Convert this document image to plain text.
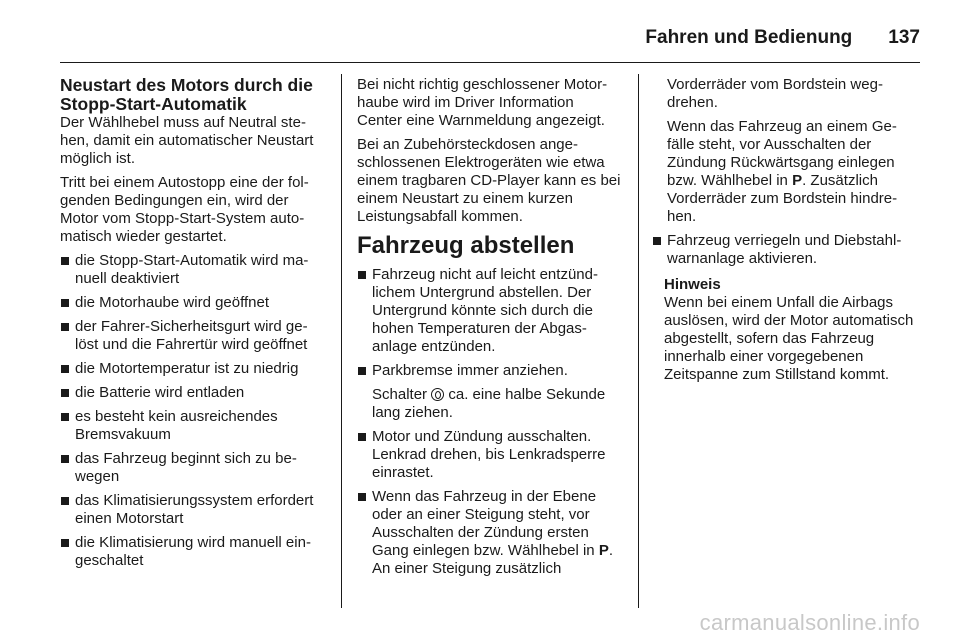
Fahren und Bedienung 137
Neustart des Motors durch die Stopp-Start-Automatik

Der Wählhebel muss auf Neutral stehen, damit ein automatischer Neustart möglich ist.

Tritt bei einem Autostopp eine der folgenden Bedingungen ein, wird der Motor vom Stopp-Start-System automatisch wieder gestartet.

die Stopp-Start-Automatik wird manuell deaktiviert
die Motorhaube wird geöffnet
der Fahrer-Sicherheitsgurt wird gelöst und die Fahrertür wird geöffnet
die Motortemperatur ist zu niedrig
die Batterie wird entladen
es besteht kein ausreichendes Bremsvakuum
das Fahrzeug beginnt sich zu bewegen
das Klimatisierungssystem erfordert einen Motorstart
die Klimatisierung wird manuell eingeschaltet

Bei nicht richtig geschlossener Motorhaube wird im Driver Information Center eine Warnmeldung angezeigt.

Bei an Zubehörsteckdosen angeschlossenen Elektrogeräten wie etwa einem tragbaren CD-Player kann es bei einem Neustart zu einem kurzen Leistungsabfall kommen.

Fahrzeug abstellen
Fahrzeug nicht auf leicht entzündlichem Untergrund abstellen. Der Untergrund könnte sich durch die hohen Temperaturen der Abgasanlage entzünden.
Parkbremse immer anziehen.

Schalter ca. eine halbe Sekunde lang ziehen.

Motor und Zündung ausschalten. Lenkrad drehen, bis Lenkradsperre einrastet.
Wenn das Fahrzeug in der Ebene oder an einer Steigung steht, vor Ausschalten der Zündung ersten Gang einlegen bzw. Wählhebel in P. An einer Steigung zusätzlich

Vorderräder vom Bordstein wegdrehen.

Wenn das Fahrzeug an einem Gefälle steht, vor Ausschalten der Zündung Rückwärtsgang einlegen bzw. Wählhebel in P. Zusätzlich Vorderräder zum Bordstein hindrehen.

Fahrzeug verriegeln und Diebstahlwarnanlage aktivieren.
Hinweis
Wenn bei einem Unfall die Airbags auslösen, wird der Motor automatisch abgestellt, sofern das Fahrzeug innerhalb einer vorgegebenen Zeitspanne zum Stillstand kommt.
carmanualsonline.info
